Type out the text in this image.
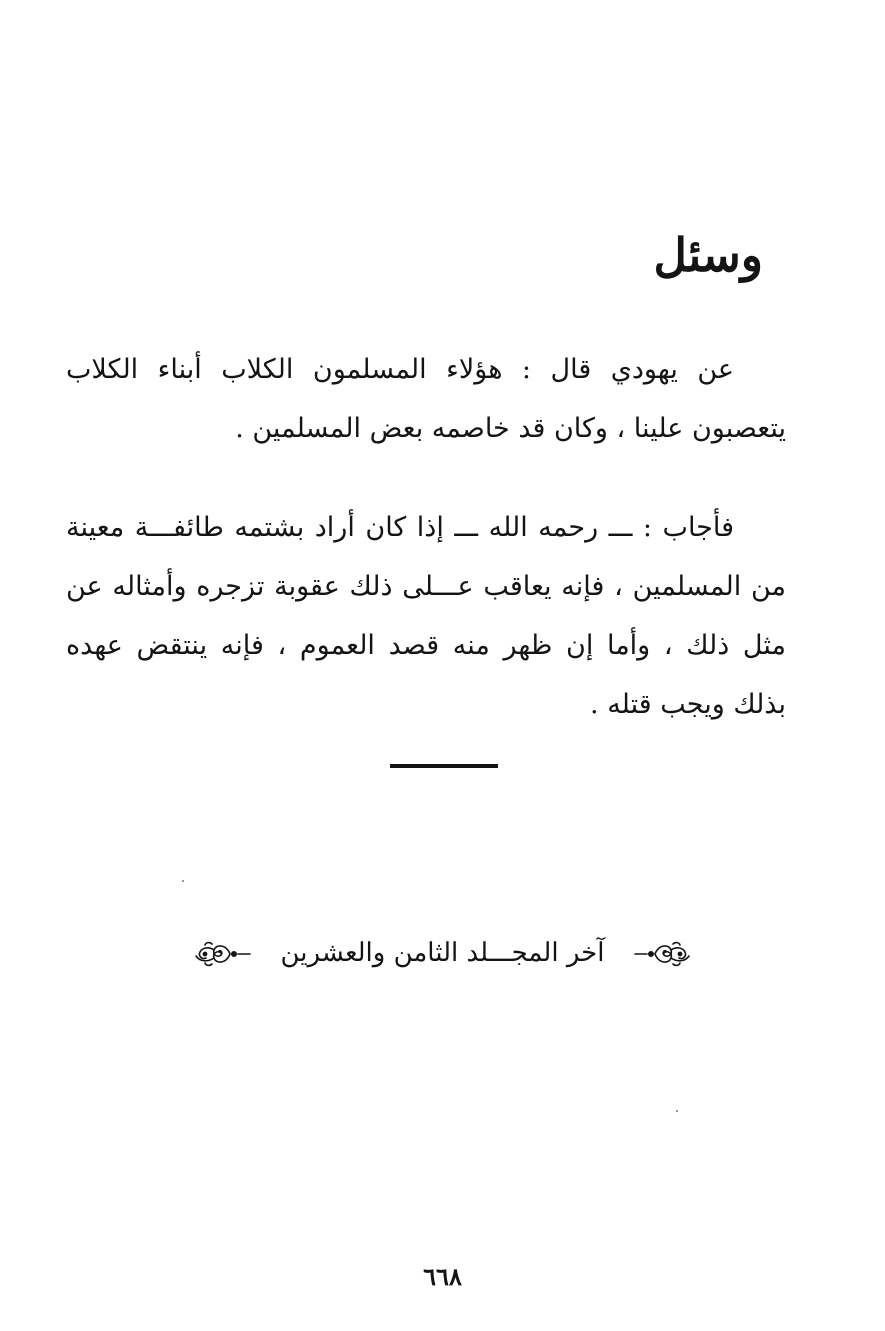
وسئل

عن يهودي قال : هؤلاء المسلمون الكلاب أبناء الكلاب يتعصبون علينا ، وكان قد خاصمه بعض المسلمين .

فأجاب : ـــ رحمه الله ـــ إذا كان أراد بشتمه طائفـــة معينة من المسلمين ، فإنه يعاقب عـــلى ذلك عقوبة تزجره وأمثاله عن مثل ذلك ، وأما إن ظهر منه قصد العموم ، فإنه ينتقض عهده بذلك ويجب قتله .

آخر المجـــلد الثامن والعشرين
٦٦٨
